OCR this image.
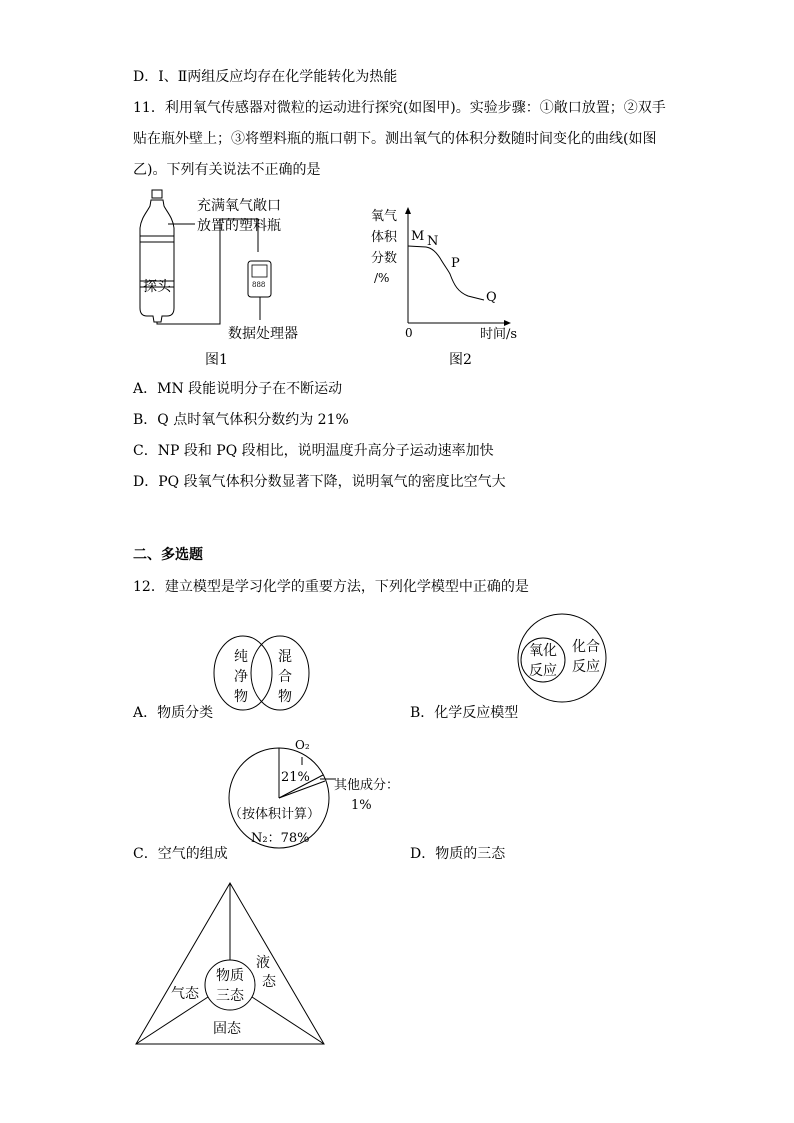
D．Ⅰ、Ⅱ两组反应均存在化学能转化为热能
11．利用氧气传感器对微粒的运动进行探究(如图甲)。实验步骤：①敞口放置；②双手
贴在瓶外壁上；③将塑料瓶的瓶口朝下。测出氧气的体积分数随时间变化的曲线(如图
乙)。下列有关说法不正确的是
充满氧气敞口
放置的塑料瓶
探头	888
数据处理器
图1
氧气
体积
分数
/%
0	时间/s
M N
P
Q
图2
A．MN 段能说明分子在不断运动
B．Q 点时氧气体积分数约为 21%
C．NP 段和 PQ 段相比，说明温度升高分子运动速率加快
D．PQ 段氧气体积分数显著下降，说明氧气的密度比空气大
二、多选题
12．建立模型是学习化学的重要方法，下列化学模型中正确的是
纯
净
物
混
合
物
A．物质分类
氧化
反应
化合
反应
B．化学反应模型
O₂
21%
其他成分：
1%
（按体积计算）
N₂：78%
C．空气的组成	D．物质的三态
物质
三态
气态
液
态
固态
